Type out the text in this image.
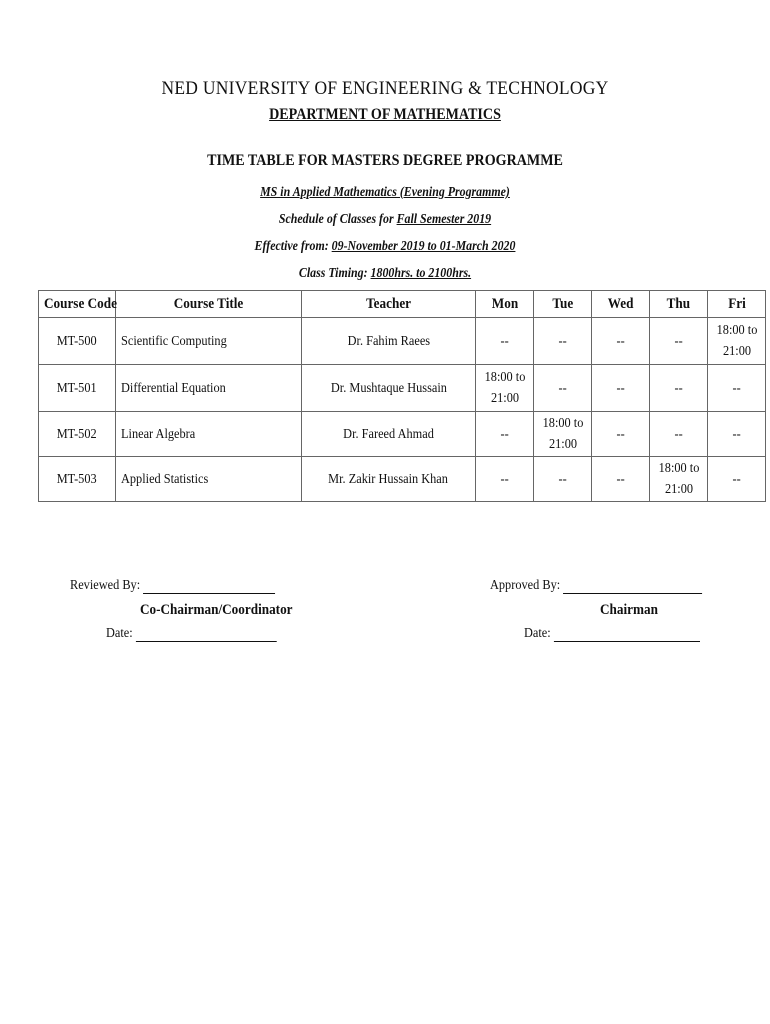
NED UNIVERSITY OF ENGINEERING & TECHNOLOGY
DEPARTMENT OF MATHEMATICS
TIME TABLE FOR MASTERS DEGREE PROGRAMME
MS in Applied Mathematics (Evening Programme)
Schedule of Classes for Fall Semester 2019
Effective from: 09-November 2019 to 01-March 2020
Class Timing: 1800hrs. to 2100hrs.
Course Code	Course Title	Teacher	Mon	Tue	Wed	Thu	Fri
MT-500	Scientific Computing	Dr. Fahim Raees	--	--	--	--	18:00 to 21:00
MT-501	Differential Equation	Dr. Mushtaque Hussain	18:00 to 21:00	--	--	--	--
MT-502	Linear Algebra	Dr. Fareed Ahmad	--	18:00 to 21:00	--	--	--
MT-503	Applied Statistics	Mr. Zakir Hussain Khan	--	--	--	18:00 to 21:00	--
Reviewed By:
Co-Chairman/Coordinator
Date:
Approved By:
Chairman
Date:
